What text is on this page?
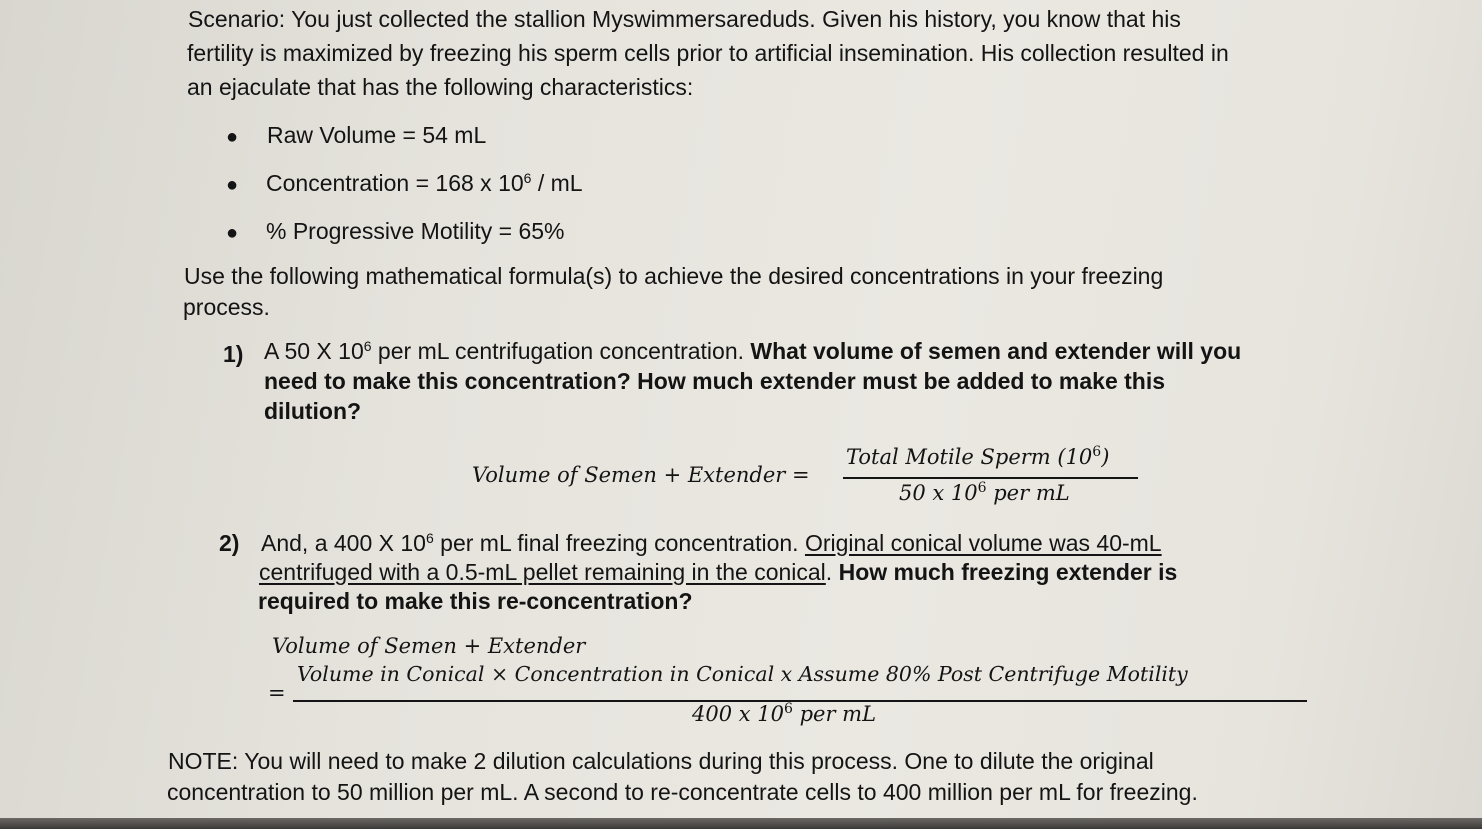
Scenario: You just collected the stallion Myswimmersareduds. Given his history, you know that his
fertility is maximized by freezing his sperm cells prior to artificial insemination. His collection resulted in
an ejaculate that has the following characteristics:
● Raw Volume = 54 mL
● Concentration = 168 x $10^6$ / mL
● % Progressive Motility = 65%
Use the following mathematical formula(s) to achieve the desired concentrations in your freezing
process.
1) A 50 X $10^6$ per mL centrifugation concentration. What volume of semen and extender will you
need to make this concentration? How much extender must be added to make this
dilution?
Volume of Semen + Extender =
Total Motile Sperm $(10^6)$
50 x $10^6$ per mL
2) And, a 400 X $10^6$ per mL final freezing concentration. Original conical volume was 40-mL
centrifuged with a 0.5-mL pellet remaining in the conical. How much freezing extender is
required to make this re-concentration?
Volume of Semen + Extender
=
Volume in Conical × Concentration in Conical x Assume 80% Post Centrifuge Motility
400 x $10^6$ per mL
NOTE: You will need to make 2 dilution calculations during this process. One to dilute the original
concentration to 50 million per mL. A second to re-concentrate cells to 400 million per mL for freezing.
